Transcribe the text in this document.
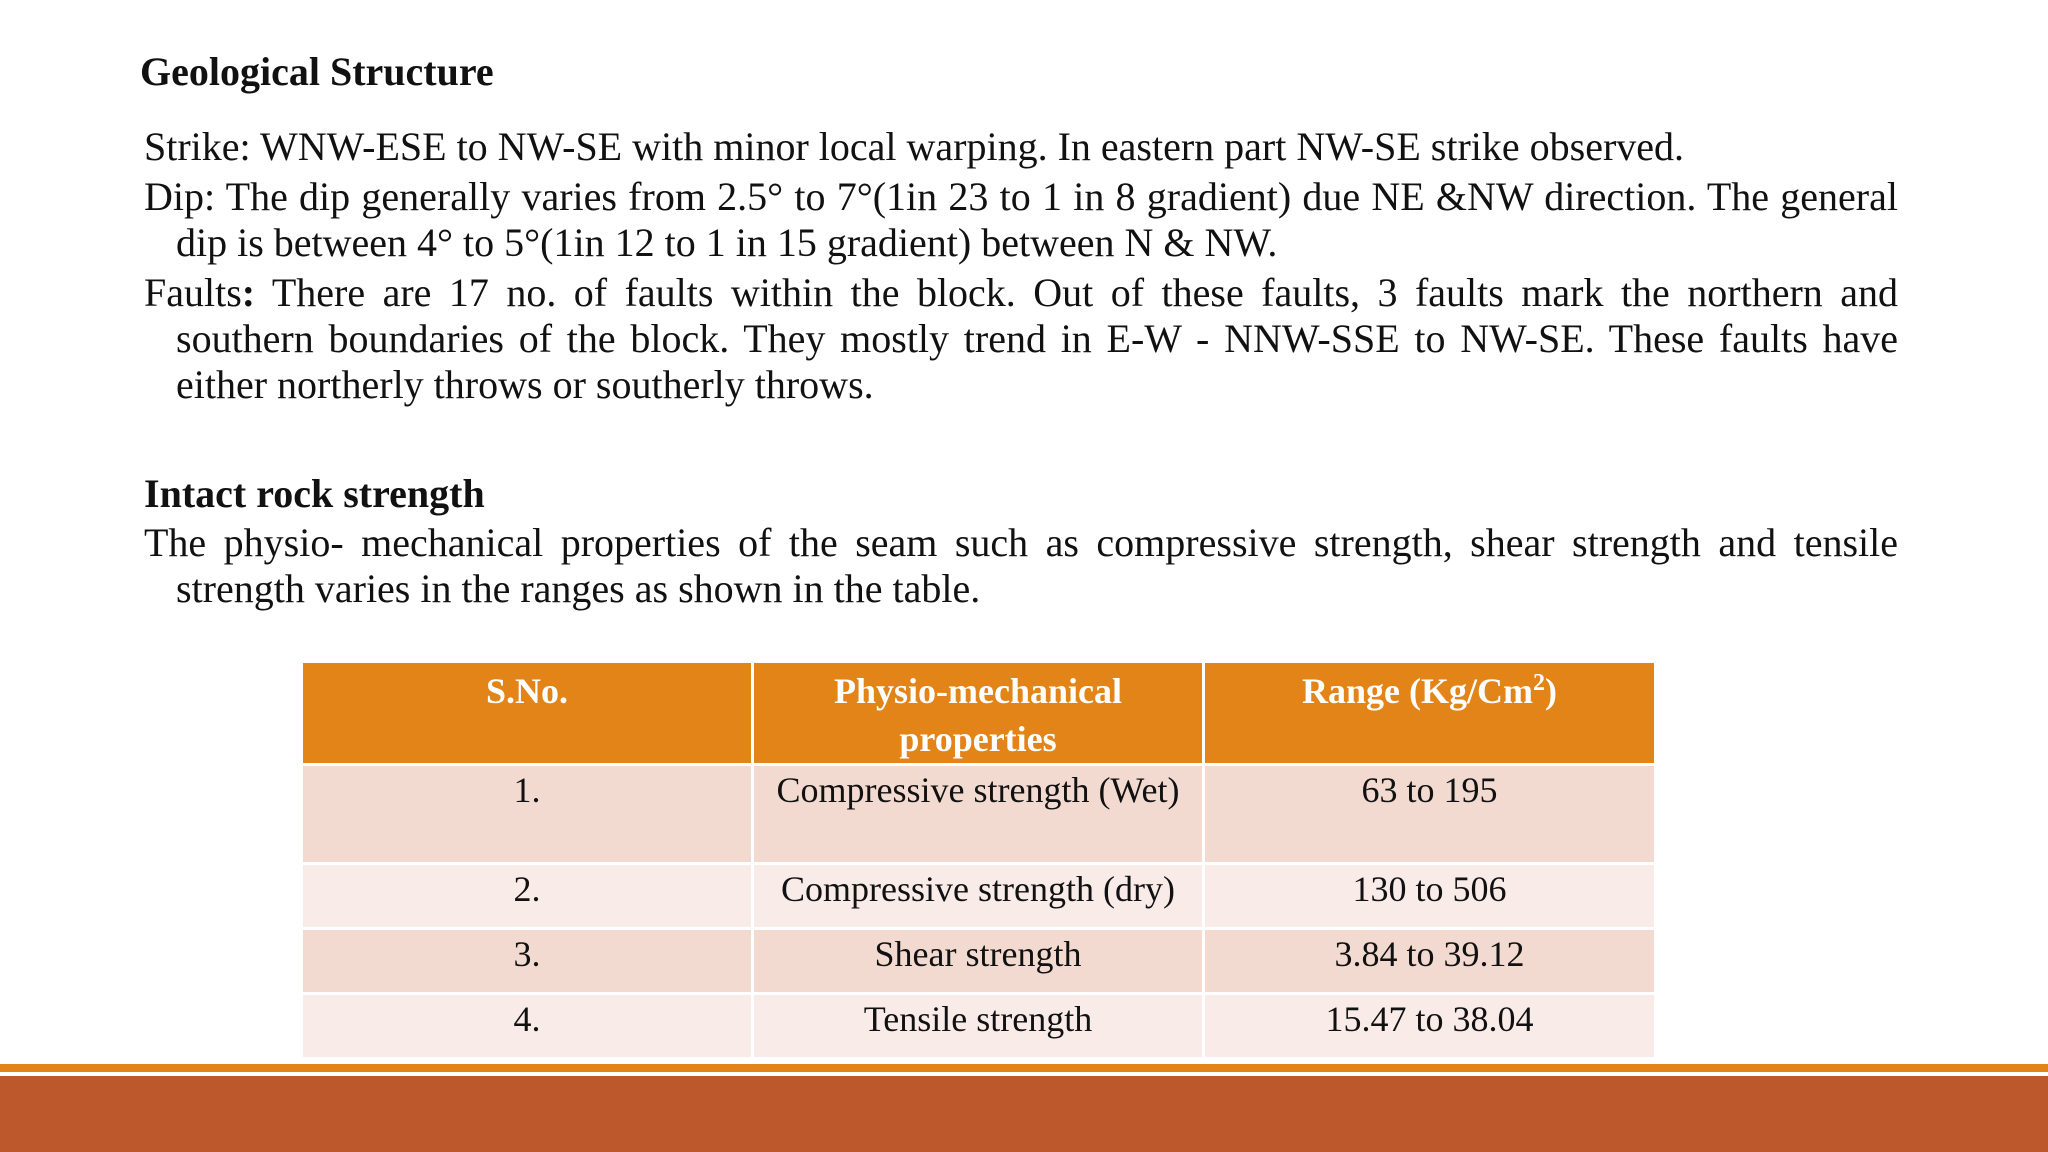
Geological Structure

Strike: WNW-ESE to NW-SE with minor local warping. In eastern part NW-SE strike observed.

Dip: The dip generally varies from 2.5° to 7°(1in 23 to 1 in 8 gradient) due NE &NW direction. The general dip is between 4° to 5°(1in 12 to 1 in 15 gradient) between N & NW.

Faults: There are 17 no. of faults within the block. Out of these faults, 3 faults mark the northern and southern boundaries of the block. They mostly trend in E-W - NNW-SSE to NW-SE. These faults have either northerly throws or southerly throws.

Intact rock strength

The physio- mechanical properties of the seam such as compressive strength, shear strength and tensile strength varies in the ranges as shown in the table.

S.No.	Physio-mechanical properties	Range (Kg/Cm$^2$)
1.	Compressive strength (Wet)	63 to 195
2.	Compressive strength (dry)	130 to 506
3.	Shear strength	3.84 to 39.12
4.	Tensile strength	15.47 to 38.04
